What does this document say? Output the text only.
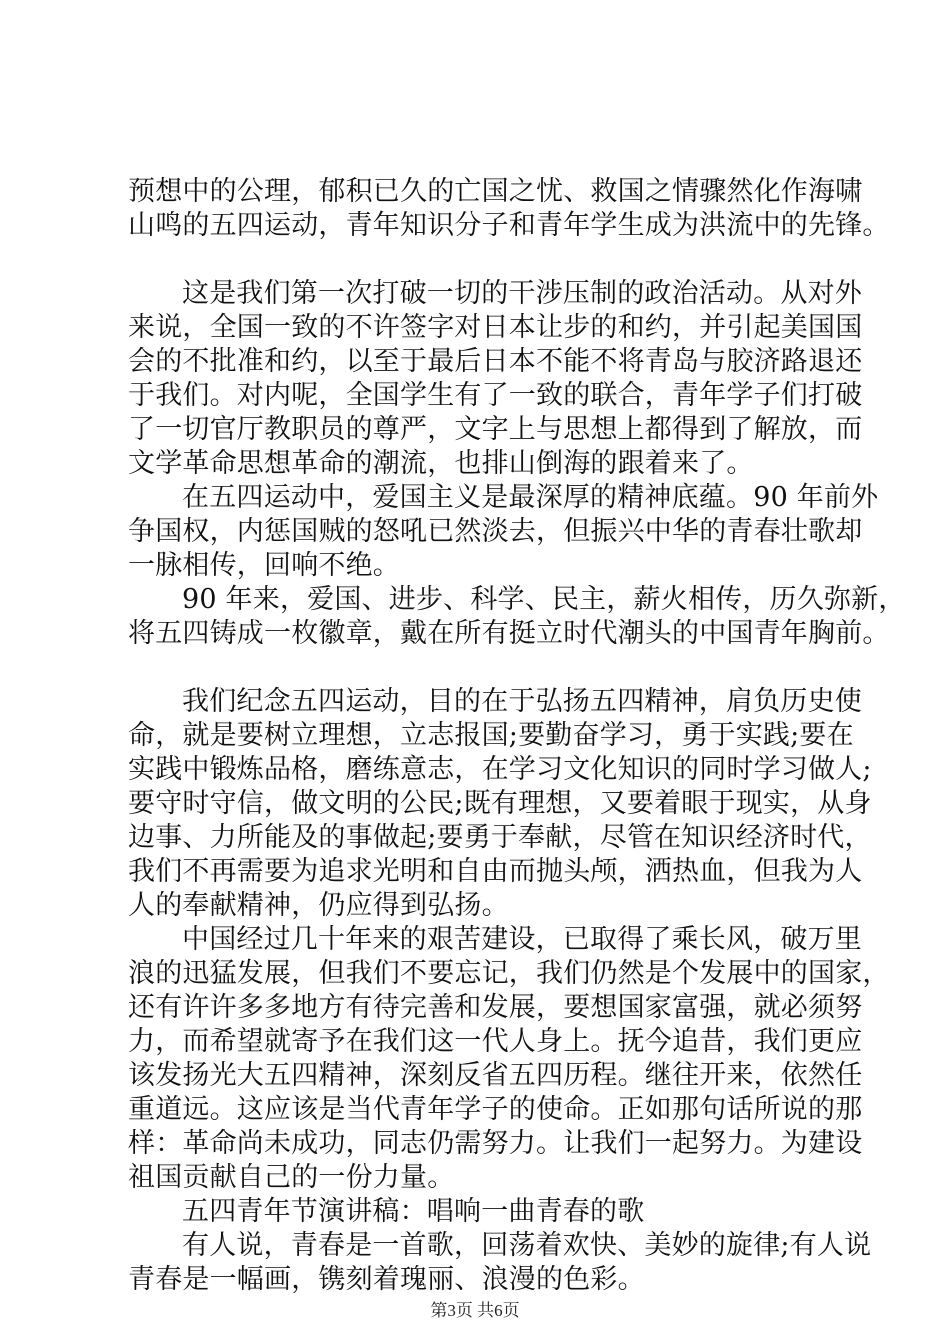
预想中的公理，郁积已久的亡国之忧、救国之情骤然化作海啸
山鸣的五四运动，青年知识分子和青年学生成为洪流中的先锋。
这是我们第一次打破一切的干涉压制的政治活动。从对外
来说，全国一致的不许签字对日本让步的和约，并引起美国国
会的不批准和约，以至于最后日本不能不将青岛与胶济路退还
于我们。对内呢，全国学生有了一致的联合，青年学子们打破
了一切官厅教职员的尊严，文字上与思想上都得到了解放，而
文学革命思想革命的潮流，也排山倒海的跟着来了。
在五四运动中，爱国主义是最深厚的精神底蕴。90 年前外
争国权，内惩国贼的怒吼已然淡去，但振兴中华的青春壮歌却
一脉相传，回响不绝。
90 年来，爱国、进步、科学、民主，薪火相传，历久弥新，
将五四铸成一枚徽章，戴在所有挺立时代潮头的中国青年胸前。
我们纪念五四运动，目的在于弘扬五四精神，肩负历史使
命，就是要树立理想，立志报国;要勤奋学习，勇于实践;要在
实践中锻炼品格，磨练意志，在学习文化知识的同时学习做人;
要守时守信，做文明的公民;既有理想，又要着眼于现实，从身
边事、力所能及的事做起;要勇于奉献，尽管在知识经济时代，
我们不再需要为追求光明和自由而抛头颅，洒热血，但我为人
人的奉献精神，仍应得到弘扬。
中国经过几十年来的艰苦建设，已取得了乘长风，破万里
浪的迅猛发展，但我们不要忘记，我们仍然是个发展中的国家，
还有许许多多地方有待完善和发展，要想国家富强，就必须努
力，而希望就寄予在我们这一代人身上。抚今追昔，我们更应
该发扬光大五四精神，深刻反省五四历程。继往开来，依然任
重道远。这应该是当代青年学子的使命。正如那句话所说的那
样：革命尚未成功，同志仍需努力。让我们一起努力。为建设
祖国贡献自己的一份力量。
五四青年节演讲稿：唱响一曲青春的歌
有人说，青春是一首歌，回荡着欢快、美妙的旋律;有人说
青春是一幅画，镌刻着瑰丽、浪漫的色彩。
第3页 共6页
